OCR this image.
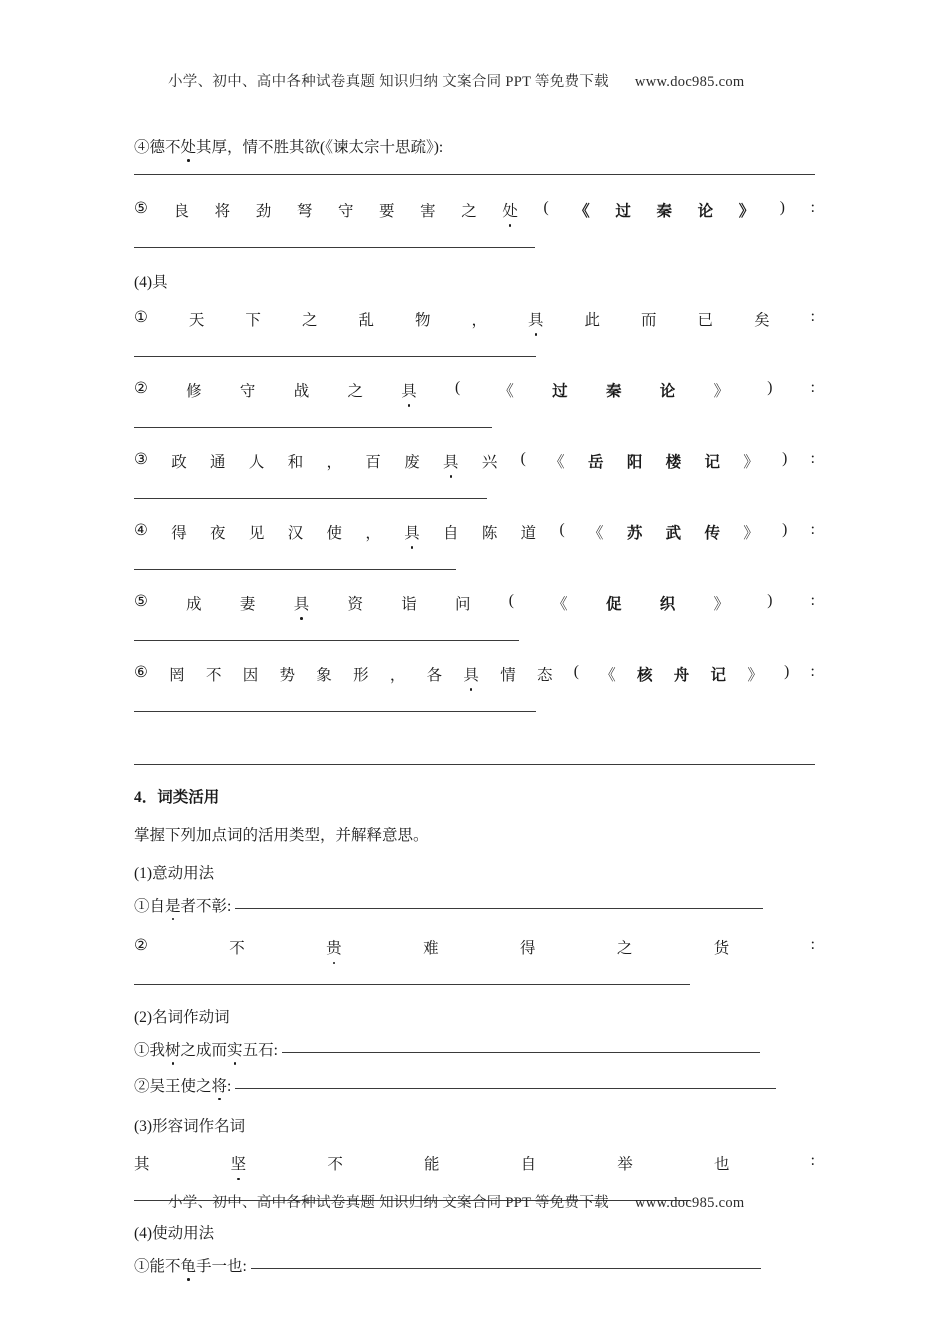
小学、初中、高中各种试卷真题 知识归纳 文案合同 PPT 等免费下载 www.doc985.com
④德不处其厚，情不胜其欲(《谏太宗十思疏》):
⑤ 良 将 劲 弩 守 要 害 之 处 ( 《 过 秦 论 》 ) :
(4)具
①	天	下	之	乱	物	，	具	此	而	已	矣	:
② 修 守 战 之 具 ( 《 过 秦 论 》 ) :
③ 政 通 人 和 ， 百 废 具 兴 ( 《 岳 阳 楼 记 》 ) :
④ 得 夜 见 汉 使 ， 具 自 陈 道 ( 《 苏 武 传 》 ) :
⑤ 成 妻 具 资 诣 问 ( 《 促 织 》 ) :
⑥ 罔 不 因 势 象 形 ， 各 具 情 态 ( 《 核 舟 记 》 ) :
4．词类活用
掌握下列加点词的活用类型，并解释意思。
(1)意动用法
①自是者不彰:
②	不	贵	难	得	之	货	:
(2)名词作动词
①我树之成而实五石:
②吴王使之将:
(3)形容词作名词
其	坚	不	能	自	举	也	:
(4)使动用法
①能不龟手一也:
小学、初中、高中各种试卷真题 知识归纳 文案合同 PPT 等免费下载 www.doc985.com
